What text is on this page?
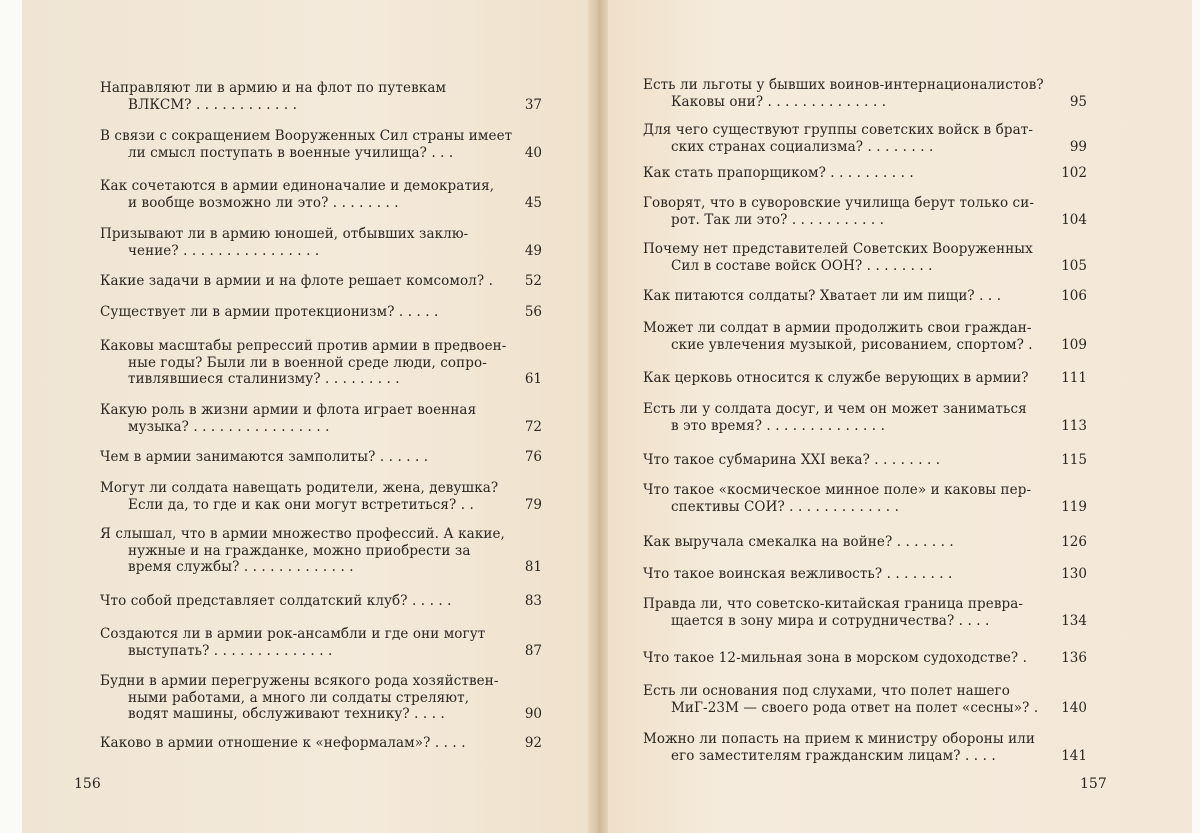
Направляют ли в армию и на флот по путевкам
ВЛКСМ? . . . . . . . . . . . .	37
В связи с сокращением Вооруженных Сил страны имеет
ли смысл поступать в военные училища? . . .	40
Как сочетаются в армии единоначалие и демократия,
и вообще возможно ли это? . . . . . . . .	45
Призывают ли в армию юношей, отбывших заклю-
чение? . . . . . . . . . . . . . . . .	49
Какие задачи в армии и на флоте решает комсомол? .	52
Существует ли в армии протекционизм? . . . . .	56
Каковы масштабы репрессий против армии в предвоен-
ные годы? Были ли в военной среде люди, сопро-
тивлявшиеся сталинизму? . . . . . . . . .	61
Какую роль в жизни армии и флота играет военная
музыка? . . . . . . . . . . . . . . . .	72
Чем в армии занимаются замполиты? . . . . . .	76
Могут ли солдата навещать родители, жена, девушка?
Если да, то где и как они могут встретиться? . .	79
Я слышал, что в армии множество профессий. А какие,
нужные и на гражданке, можно приобрести за
время службы? . . . . . . . . . . . . .	81
Что собой представляет солдатский клуб? . . . . .	83
Создаются ли в армии рок-ансамбли и где они могут
выступать? . . . . . . . . . . . . . .	87
Будни в армии перегружены всякого рода хозяйствен-
ными работами, а много ли солдаты стреляют,
водят машины, обслуживают технику? . . . .	90
Каково в армии отношение к «неформалам»? . . . .	92
Есть ли льготы у бывших воинов-интернационалистов?
Каковы они? . . . . . . . . . . . . . .	95
Для чего существуют группы советских войск в брат-
ских странах социализма? . . . . . . . .	99
Как стать прапорщиком? . . . . . . . . . .	102
Говорят, что в суворовские училища берут только си-
рот. Так ли это? . . . . . . . . . . .	104
Почему нет представителей Советских Вооруженных
Сил в составе войск ООН? . . . . . . . .	105
Как питаются солдаты? Хватает ли им пищи? . . .	106
Может ли солдат в армии продолжить свои граждан-
ские увлечения музыкой, рисованием, спортом? .	109
Как церковь относится к службе верующих в армии?	111
Есть ли у солдата досуг, и чем он может заниматься
в это время? . . . . . . . . . . . . . .	113
Что такое субмарина XXI века? . . . . . . . .	115
Что такое «космическое минное поле» и каковы пер-
спективы СОИ? . . . . . . . . . . . . .	119
Как выручала смекалка на войне? . . . . . . .	126
Что такое воинская вежливость? . . . . . . . .	130
Правда ли, что советско-китайская граница превра-
щается в зону мира и сотрудничества? . . . .	134
Что такое 12-мильная зона в морском судоходстве? .	136
Есть ли основания под слухами, что полет нашего
МиГ-23М — своего рода ответ на полет «сесны»? .	140
Можно ли попасть на прием к министру обороны или
его заместителям гражданским лицам? . . . .	141
156	157
